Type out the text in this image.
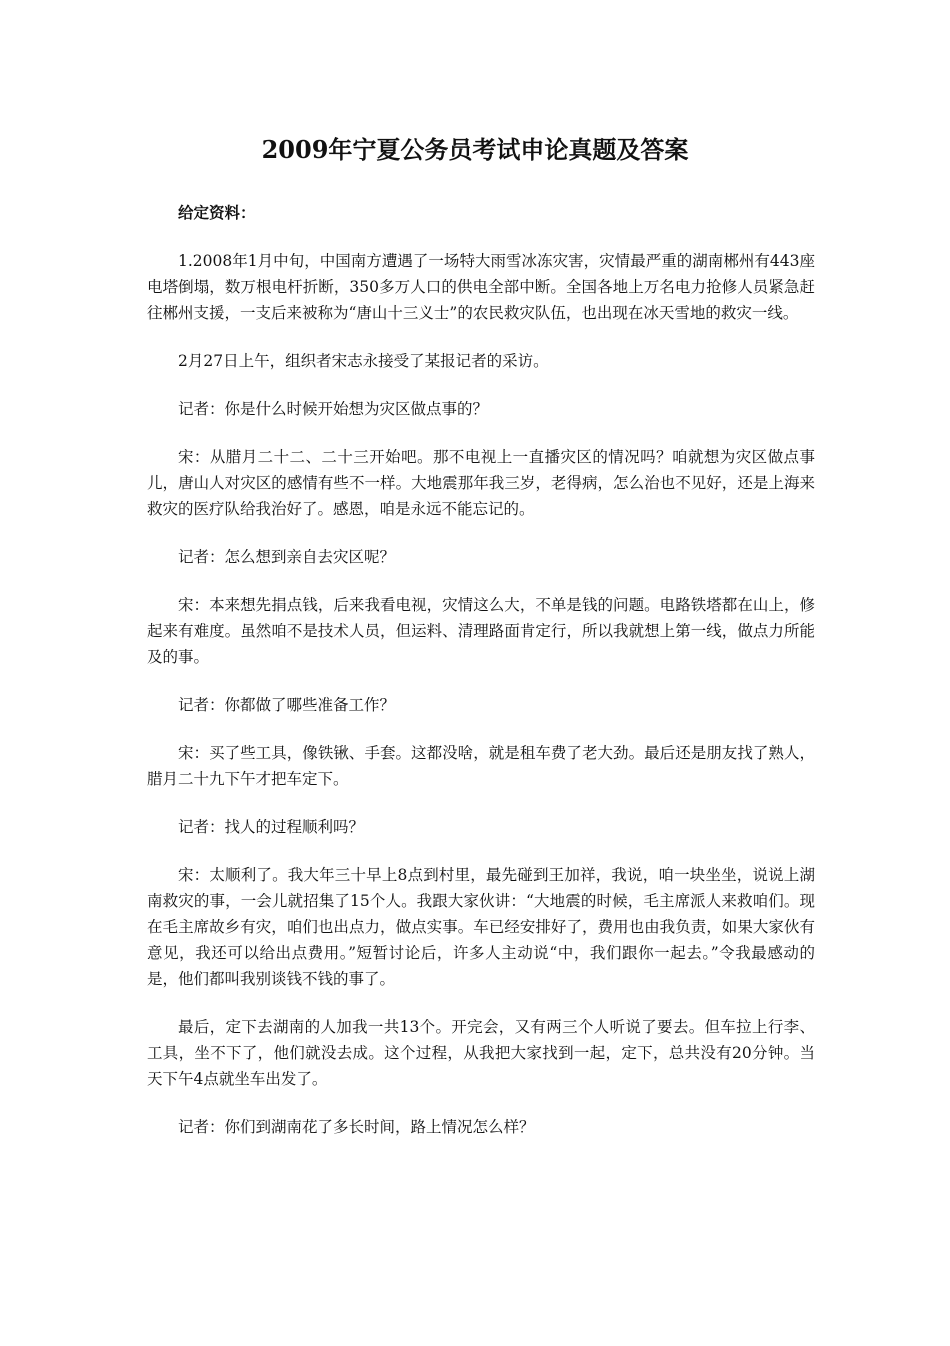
2009年宁夏公务员考试申论真题及答案
给定资料：
1.2008年1月中旬，中国南方遭遇了一场特大雨雪冰冻灾害，灾情最严重的湖南郴州有443座电塔倒塌，数万根电杆折断，350多万人口的供电全部中断。全国各地上万名电力抢修人员紧急赶往郴州支援，一支后来被称为“唐山十三义士”的农民救灾队伍，也出现在冰天雪地的救灾一线。
2月27日上午，组织者宋志永接受了某报记者的采访。
记者：你是什么时候开始想为灾区做点事的？
宋：从腊月二十二、二十三开始吧。那不电视上一直播灾区的情况吗？咱就想为灾区做点事儿，唐山人对灾区的感情有些不一样。大地震那年我三岁，老得病，怎么治也不见好，还是上海来救灾的医疗队给我治好了。感恩，咱是永远不能忘记的。
记者：怎么想到亲自去灾区呢？
宋：本来想先捐点钱，后来我看电视，灾情这么大，不单是钱的问题。电路铁塔都在山上，修起来有难度。虽然咱不是技术人员，但运料、清理路面肯定行，所以我就想上第一线，做点力所能及的事。
记者：你都做了哪些准备工作？
宋：买了些工具，像铁锹、手套。这都没啥，就是租车费了老大劲。最后还是朋友找了熟人，腊月二十九下午才把车定下。
记者：找人的过程顺利吗？
宋：太顺利了。我大年三十早上8点到村里，最先碰到王加祥，我说，咱一块坐坐，说说上湖南救灾的事，一会儿就招集了15个人。我跟大家伙讲：“大地震的时候，毛主席派人来救咱们。现在毛主席故乡有灾，咱们也出点力，做点实事。车已经安排好了，费用也由我负责，如果大家伙有意见，我还可以给出点费用。”短暂讨论后，许多人主动说“中，我们跟你一起去。”令我最感动的是，他们都叫我别谈钱不钱的事了。
最后，定下去湖南的人加我一共13个。开完会，又有两三个人听说了要去。但车拉上行李、工具，坐不下了，他们就没去成。这个过程，从我把大家找到一起，定下，总共没有20分钟。当天下午4点就坐车出发了。
记者：你们到湖南花了多长时间，路上情况怎么样？
